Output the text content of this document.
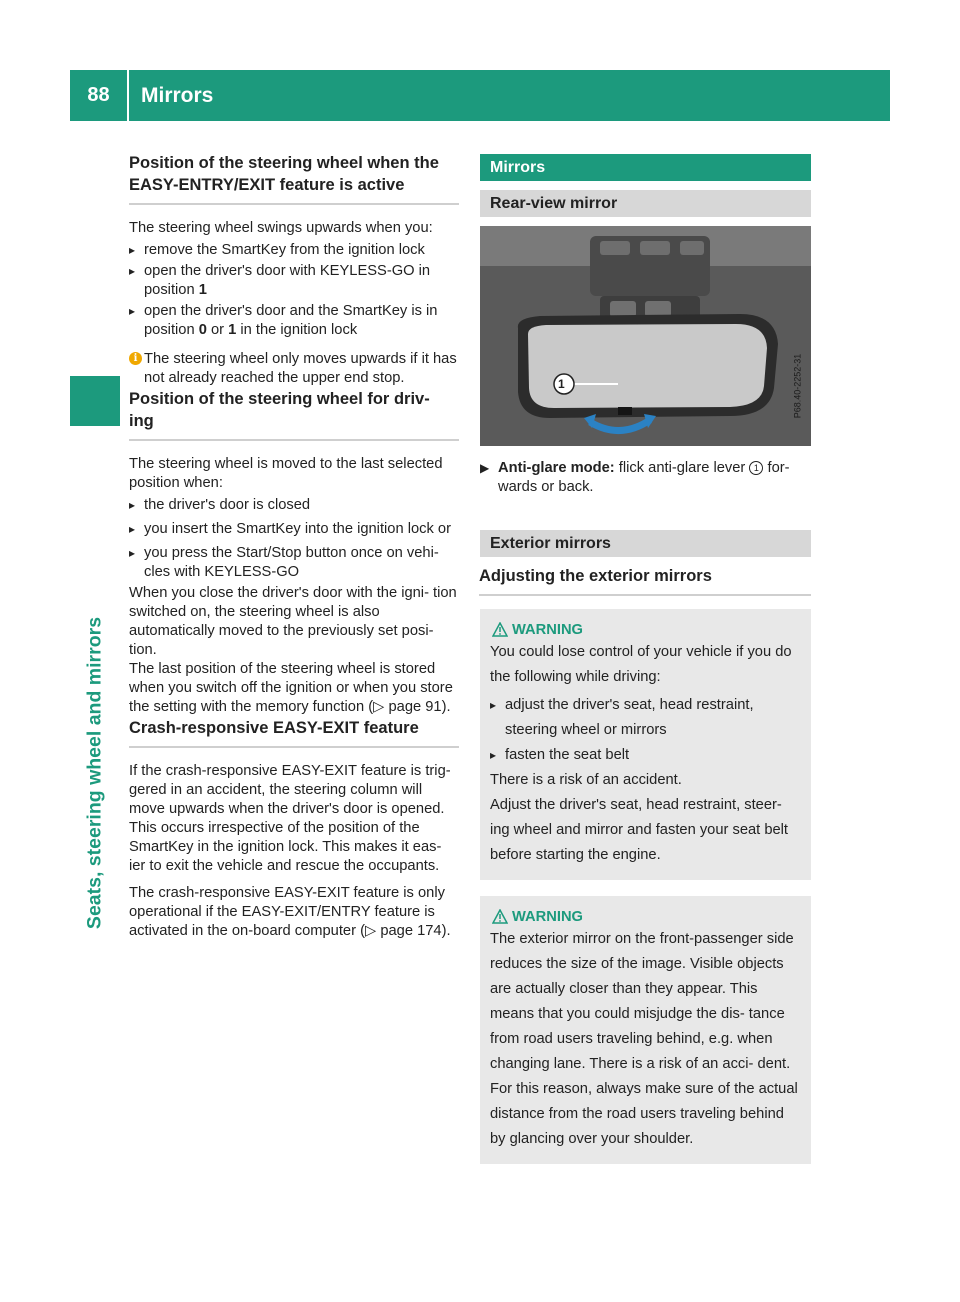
88	Mirrors
Seats, steering wheel and mirrors
Position of the steering wheel when the EASY-ENTRY/EXIT feature is active

The steering wheel swings upwards when you:

▸ remove the SmartKey from the ignition lock
▸ open the driver's door with KEYLESS-GO in position 1
▸ open the driver's door and the SmartKey is in position 0 or 1 in the ignition lock
i The steering wheel only moves upwards if it has not already reached the upper end stop.
Position of the steering wheel for driv- ing

The steering wheel is moved to the last selected position when:

▸ the driver's door is closed
▸ you insert the SmartKey into the ignition lock or
▸ you press the Start/Stop button once on vehi- cles with KEYLESS-GO

When you close the driver's door with the igni- tion switched on, the steering wheel is also automatically moved to the previously set posi- tion.

The last position of the steering wheel is stored when you switch off the ignition or when you store the setting with the memory function (▷ page 91).

Crash-responsive EASY-EXIT feature

If the crash-responsive EASY-EXIT feature is trig- gered in an accident, the steering column will move upwards when the driver's door is opened. This occurs irrespective of the position of the SmartKey in the ignition lock. This makes it eas- ier to exit the vehicle and rescue the occupants.

The crash-responsive EASY-EXIT feature is only operational if the EASY-EXIT/ENTRY feature is activated in the on-board computer (▷ page 174).

Mirrors
Rear-view mirror
1	P68.40-2252-31
▶ Anti-glare mode: flick anti-glare lever 1 for- wards or back.
Exterior mirrors
Adjusting the exterior mirrors
WARNING

You could lose control of your vehicle if you do the following while driving:

▸ adjust the driver's seat, head restraint, steering wheel or mirrors
▸ fasten the seat belt

There is a risk of an accident.

Adjust the driver's seat, head restraint, steer- ing wheel and mirror and fasten your seat belt before starting the engine.

WARNING

The exterior mirror on the front-passenger side reduces the size of the image. Visible objects are actually closer than they appear. This means that you could misjudge the dis- tance from road users traveling behind, e.g. when changing lane. There is a risk of an acci- dent.

For this reason, always make sure of the actual distance from the road users traveling behind by glancing over your shoulder.
